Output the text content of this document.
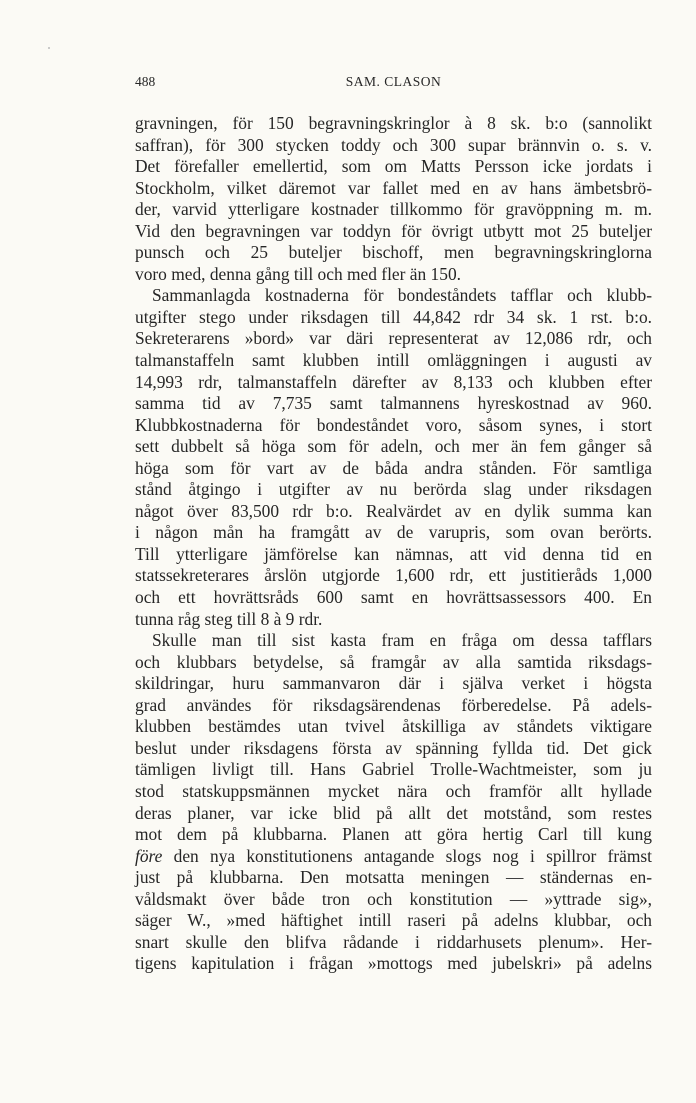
488	SAM. CLASON
gravningen, för 150 begravningskringlor à 8 sk. b:o (sannolikt
saffran), för 300 stycken toddy och 300 supar brännvin o. s. v.
Det förefaller emellertid, som om Matts Persson icke jordats i
Stockholm, vilket däremot var fallet med en av hans ämbetsbrö-
der, varvid ytterligare kostnader tillkommo för gravöppning m. m.
Vid den begravningen var toddyn för övrigt utbytt mot 25 buteljer
punsch och 25 buteljer bischoff, men begravningskringlorna
voro med, denna gång till och med fler än 150.
Sammanlagda kostnaderna för bondeståndets tafflar och klubb-
utgifter stego under riksdagen till 44,842 rdr 34 sk. 1 rst. b:o.
Sekreterarens »bord» var däri representerat av 12,086 rdr, och
talmanstaffeln samt klubben intill omläggningen i augusti av
14,993 rdr, talmanstaffeln därefter av 8,133 och klubben efter
samma tid av 7,735 samt talmannens hyreskostnad av 960.
Klubbkostnaderna för bondeståndet voro, såsom synes, i stort
sett dubbelt så höga som för adeln, och mer än fem gånger så
höga som för vart av de båda andra stånden. För samtliga
stånd åtgingo i utgifter av nu berörda slag under riksdagen
något över 83,500 rdr b:o. Realvärdet av en dylik summa kan
i någon mån ha framgått av de varupris, som ovan berörts.
Till ytterligare jämförelse kan nämnas, att vid denna tid en
statssekreterares årslön utgjorde 1,600 rdr, ett justitieråds 1,000
och ett hovrättsråds 600 samt en hovrättsassessors 400. En
tunna råg steg till 8 à 9 rdr.
Skulle man till sist kasta fram en fråga om dessa tafflars
och klubbars betydelse, så framgår av alla samtida riksdags-
skildringar, huru sammanvaron där i själva verket i högsta
grad användes för riksdagsärendenas förberedelse. På adels-
klubben bestämdes utan tvivel åtskilliga av ståndets viktigare
beslut under riksdagens första av spänning fyllda tid. Det gick
tämligen livligt till. Hans Gabriel Trolle-Wachtmeister, som ju
stod statskuppsmännen mycket nära och framför allt hyllade
deras planer, var icke blid på allt det motstånd, som restes
mot dem på klubbarna. Planen att göra hertig Carl till kung
före den nya konstitutionens antagande slogs nog i spillror främst
just på klubbarna. Den motsatta meningen — ständernas en-
våldsmakt över både tron och konstitution — »yttrade sig»,
säger W., »med häftighet intill raseri på adelns klubbar, och
snart skulle den blifva rådande i riddarhusets plenum». Her-
tigens kapitulation i frågan »mottogs med jubelskri» på adelns
